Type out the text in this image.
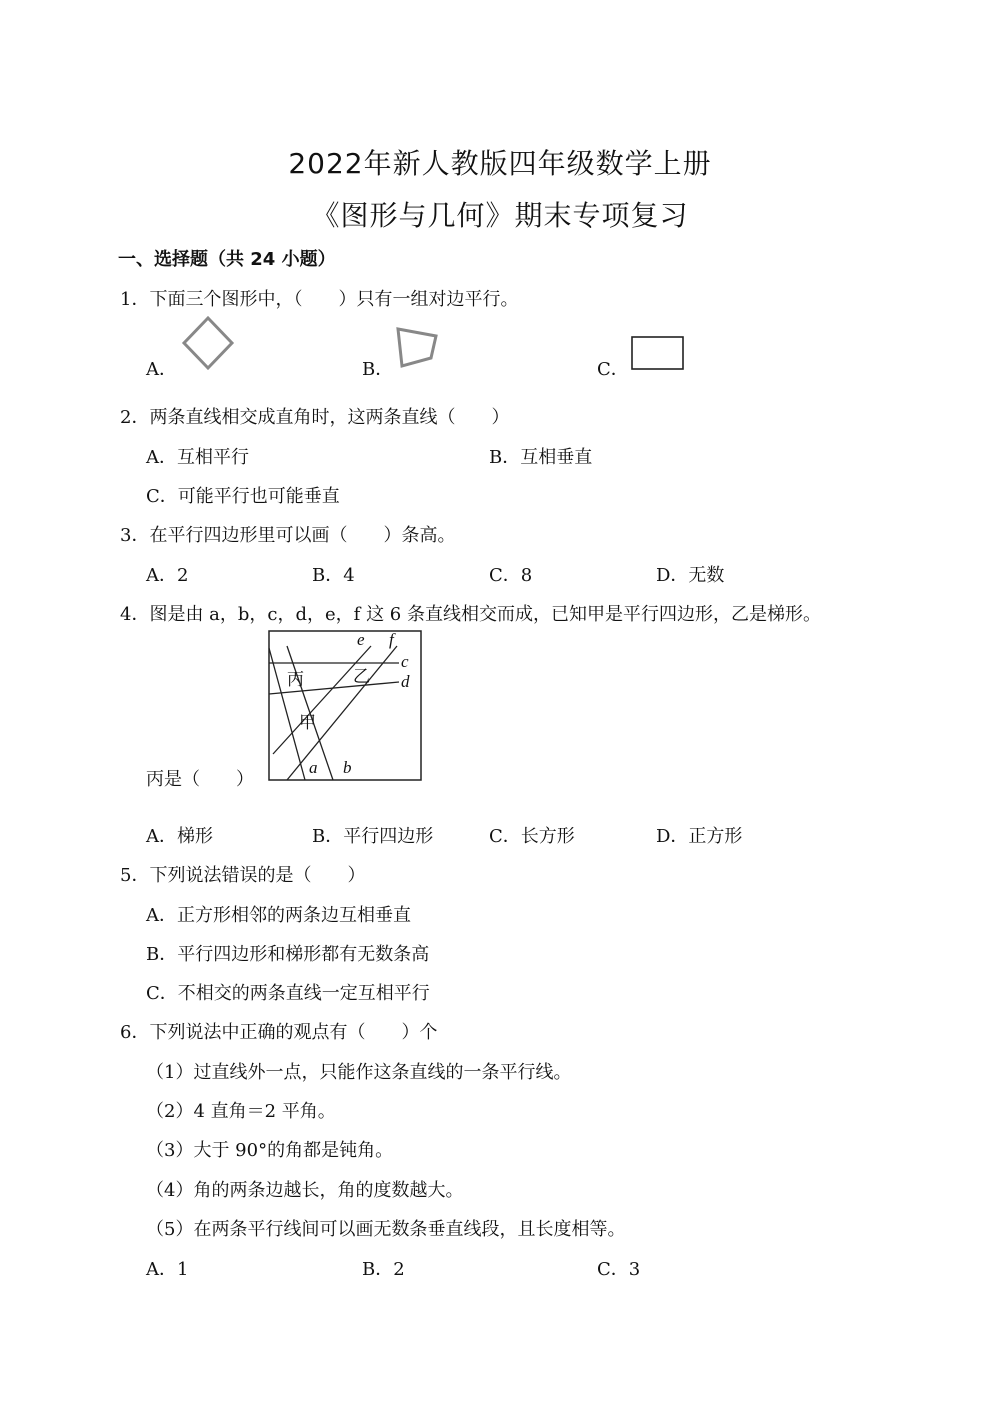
2022年新人教版四年级数学上册
《图形与几何》期末专项复习
一、选择题（共 24 小题）
1．下面三个图形中，（　　）只有一组对边平行。
A．	B．	C．
2．两条直线相交成直角时，这两条直线（　　）
A．互相平行	B．互相垂直
C．可能平行也可能垂直
3．在平行四边形里可以画（　　）条高。
A．2	B．4	C．8	D．无数
4．图是由 a，b，c，d，e，f 这 6 条直线相交而成，已知甲是平行四边形，乙是梯形。
e f
c
d
a b
丙	乙
甲
丙是（　　）
A．梯形	B．平行四边形	C．长方形	D．正方形
5．下列说法错误的是（　　）
A．正方形相邻的两条边互相垂直
B．平行四边形和梯形都有无数条高
C．不相交的两条直线一定互相平行
6．下列说法中正确的观点有（　　）个
（1）过直线外一点，只能作这条直线的一条平行线。
（2）4 直角＝2 平角。
（3）大于 90°的角都是钝角。
（4）角的两条边越长，角的度数越大。
（5）在两条平行线间可以画无数条垂直线段，且长度相等。
A．1	B．2	C．3
